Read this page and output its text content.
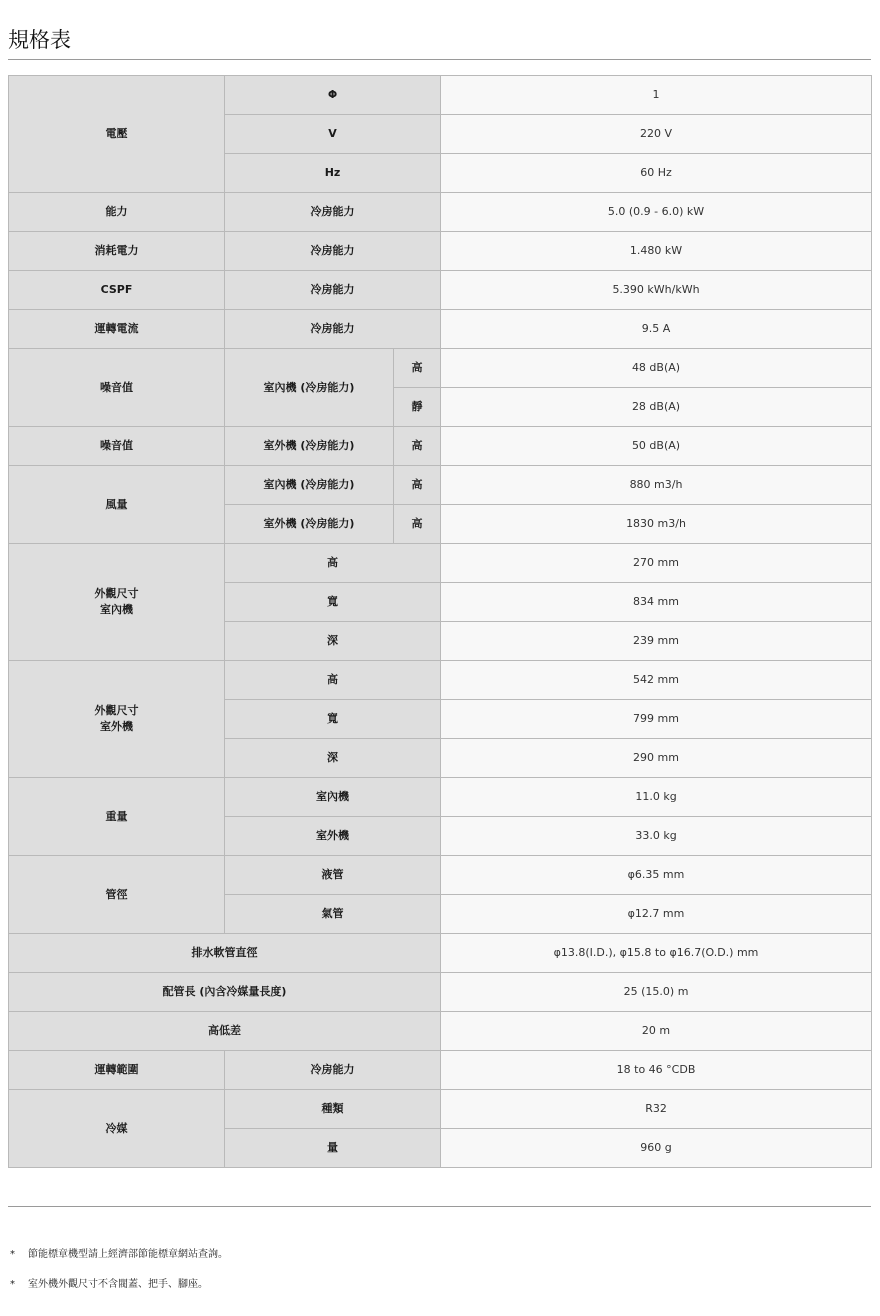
規格表
電壓	Φ		1
	V		220 V
	Hz		60 Hz
能力	冷房能力		5.0 (0.9 - 6.0) kW
消耗電力	冷房能力		1.480 kW
CSPF	冷房能力		5.390 kWh/kWh
運轉電流	冷房能力		9.5 A
噪音值	室內機 (冷房能力)	高	48 dB(A)
		靜	28 dB(A)
噪音值	室外機 (冷房能力)	高	50 dB(A)
風量	室內機 (冷房能力)	高	880 m3/h
	室外機 (冷房能力)	高	1830 m3/h
外觀尺寸
室內機	高		270 mm
	寬		834 mm
	深		239 mm
外觀尺寸
室外機	高		542 mm
	寬		799 mm
	深		290 mm
重量	室內機		11.0 kg
	室外機		33.0 kg
管徑	液管		φ6.35 mm
	氣管		φ12.7 mm
排水軟管直徑			φ13.8(I.D.), φ15.8 to φ16.7(O.D.) mm
配管長 (內含冷媒量長度)			25 (15.0) m
高低差			20 m
運轉範圍	冷房能力		18 to 46 °CDB
冷媒	種類		R32
	量		960 g
* 節能標章機型請上經濟部節能標章網站查詢。
* 室外機外觀尺寸不含閥蓋、把手、腳座。
